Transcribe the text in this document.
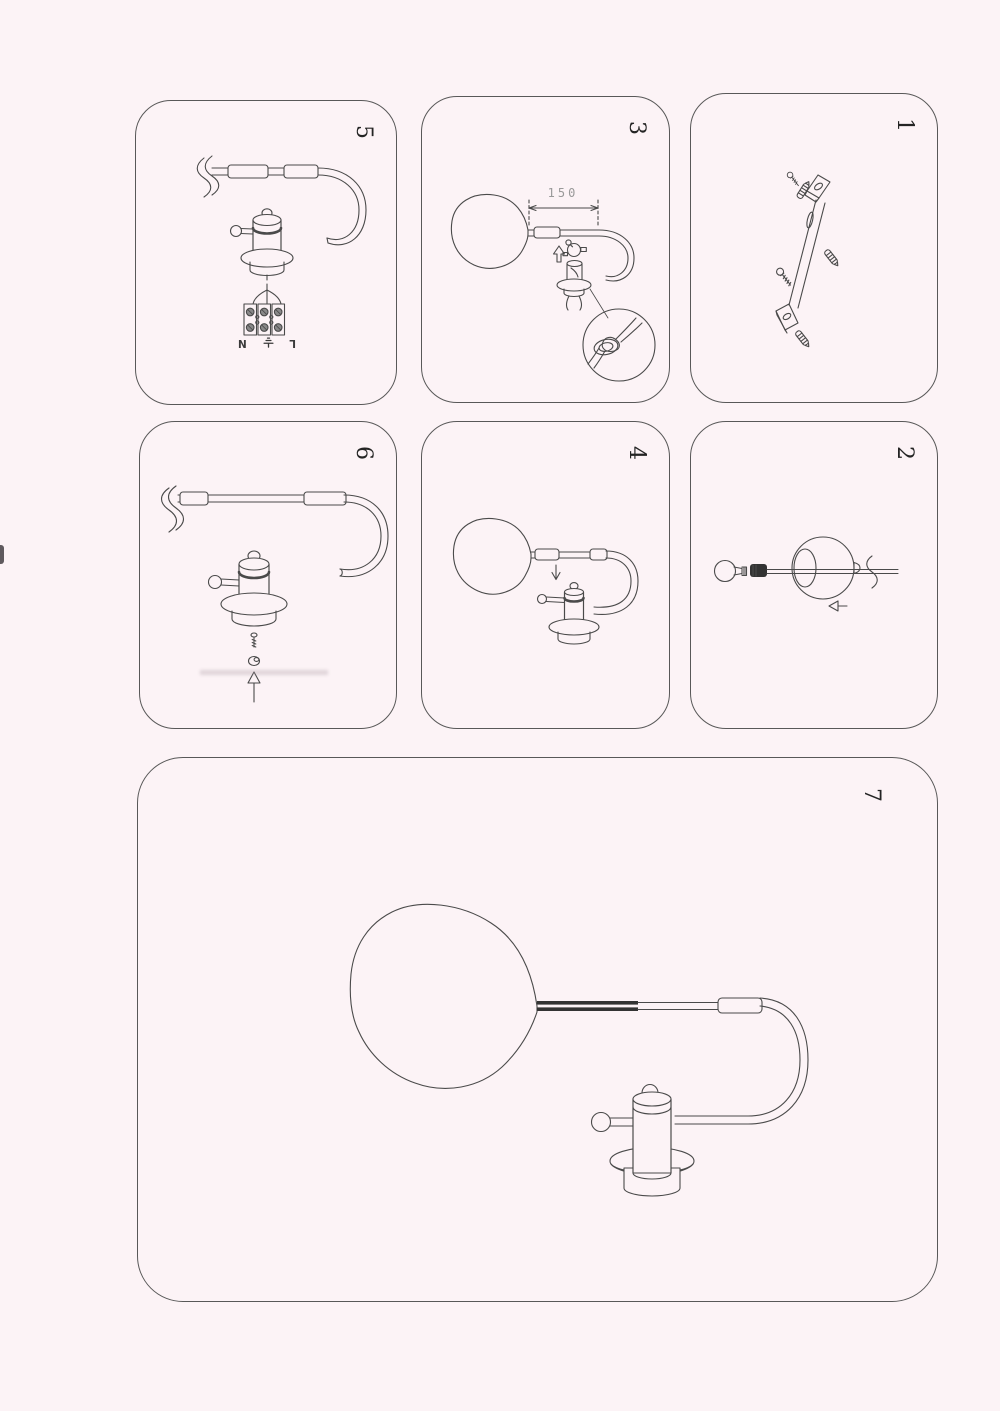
5
L
N
3
150
1
6	4	2
7
